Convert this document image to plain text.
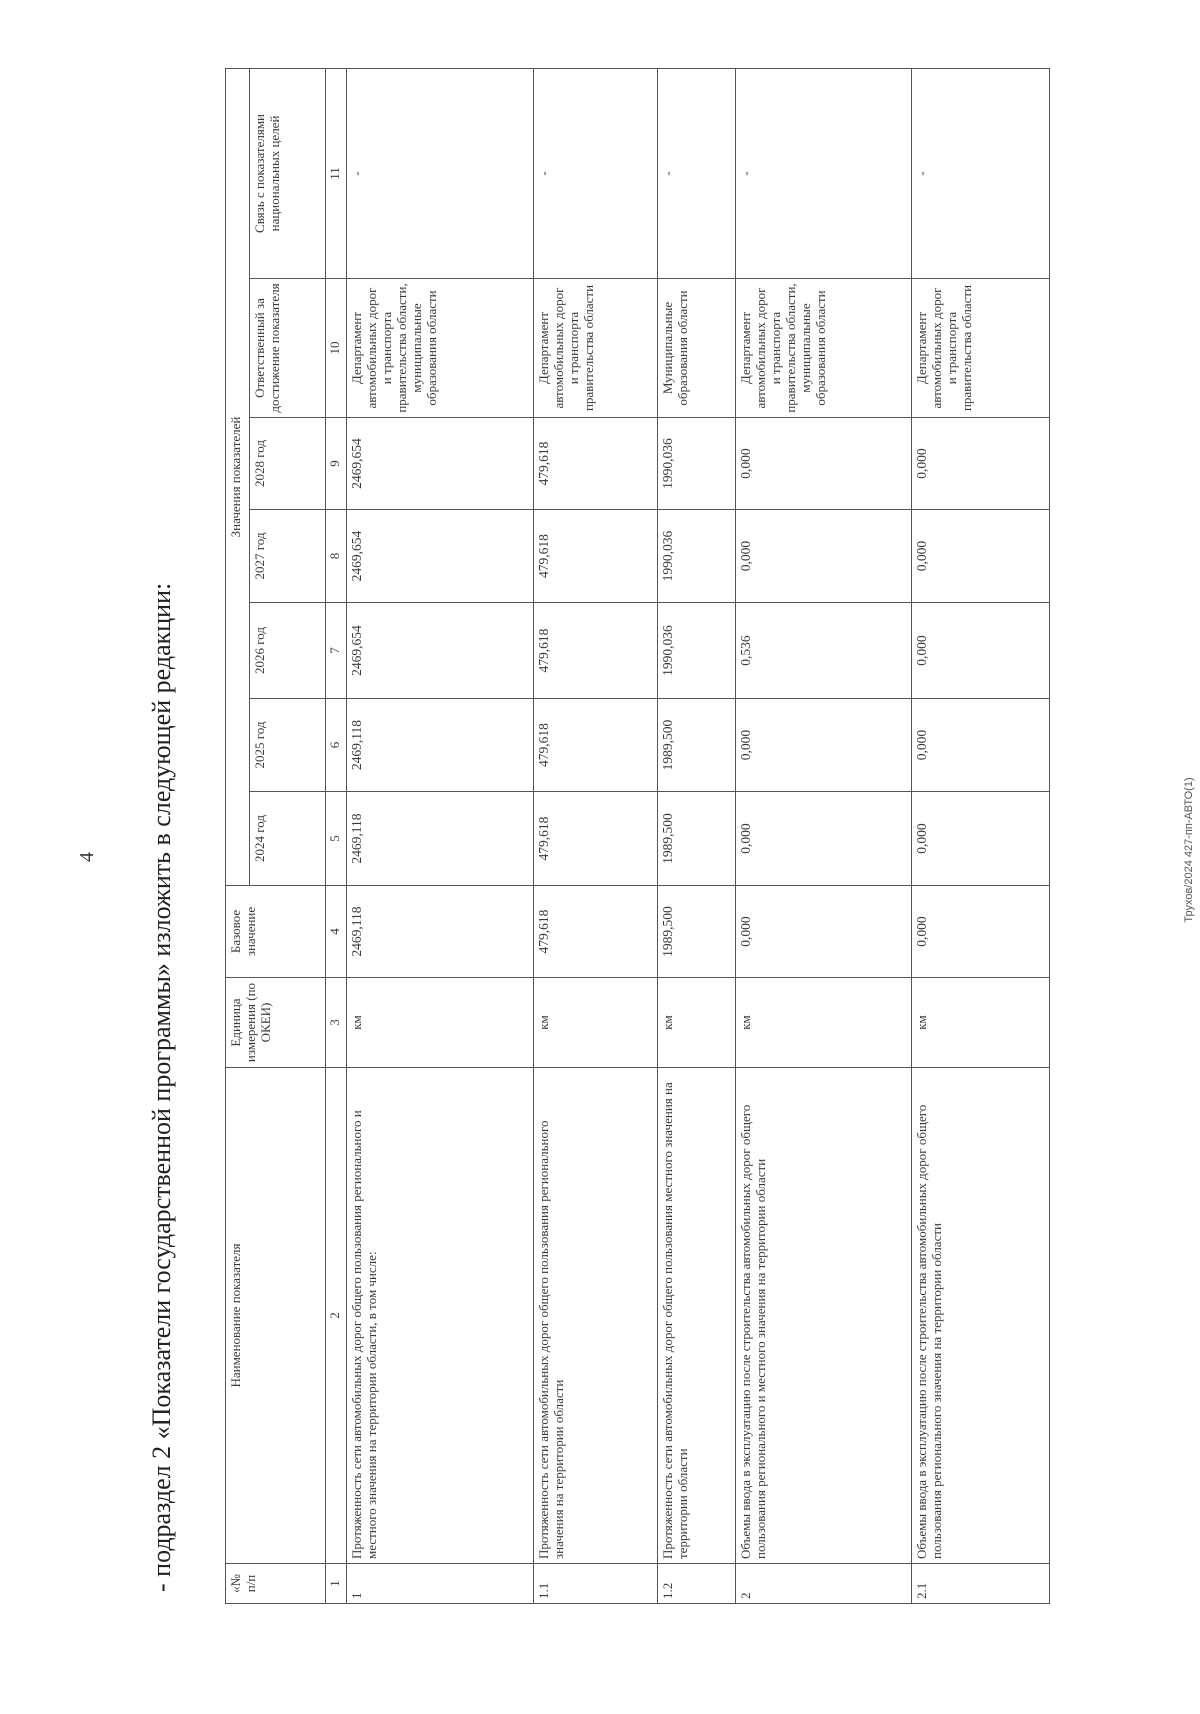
4 - подраздел 2 «Показатели государственной программы» изложить в следующей редакции:	Трухов/2024 427-пп-АВТО(1)
«№ п/п	Наименование показателя	Единица измерения (по ОКЕИ)	Базовое значение	Значения показателей						
				2024 год	2025 год	2026 год	2027 год	2028 год	Ответственный за достижение показателя	Связь с показателями национальных целей
1	2	3	4	5	6	7	8	9	10	11
1	Протяженность сети автомобильных дорог общего пользования регионального и местного значения на территории области, в том числе:	км	2469,118	2469,118	2469,118	2469,654	2469,654	2469,654	Департамент автомобильных дорог и транспорта правительства области, муниципальные образования области	-
1.1	Протяженность сети автомобильных дорог общего пользования регионального значения на территории области	км	479,618	479,618	479,618	479,618	479,618	479,618	Департамент автомобильных дорог и транспорта правительства области	-
1.2	Протяженность сети автомобильных дорог общего пользования местного значения на территории области	км	1989,500	1989,500	1989,500	1990,036	1990,036	1990,036	Муниципальные образования области	-
2	Объемы ввода в эксплуатацию после строительства автомобильных дорог общего пользования регионального и местного значения на территории области	км	0,000	0,000	0,000	0,536	0,000	0,000	Департамент автомобильных дорог и транспорта правительства области, муниципальные образования области	-
2.1	Объемы ввода в эксплуатацию после строительства автомобильных дорог общего пользования регионального значения на территории области	км	0,000	0,000	0,000	0,000	0,000	0,000	Департамент автомобильных дорог и транспорта правительства области	-
